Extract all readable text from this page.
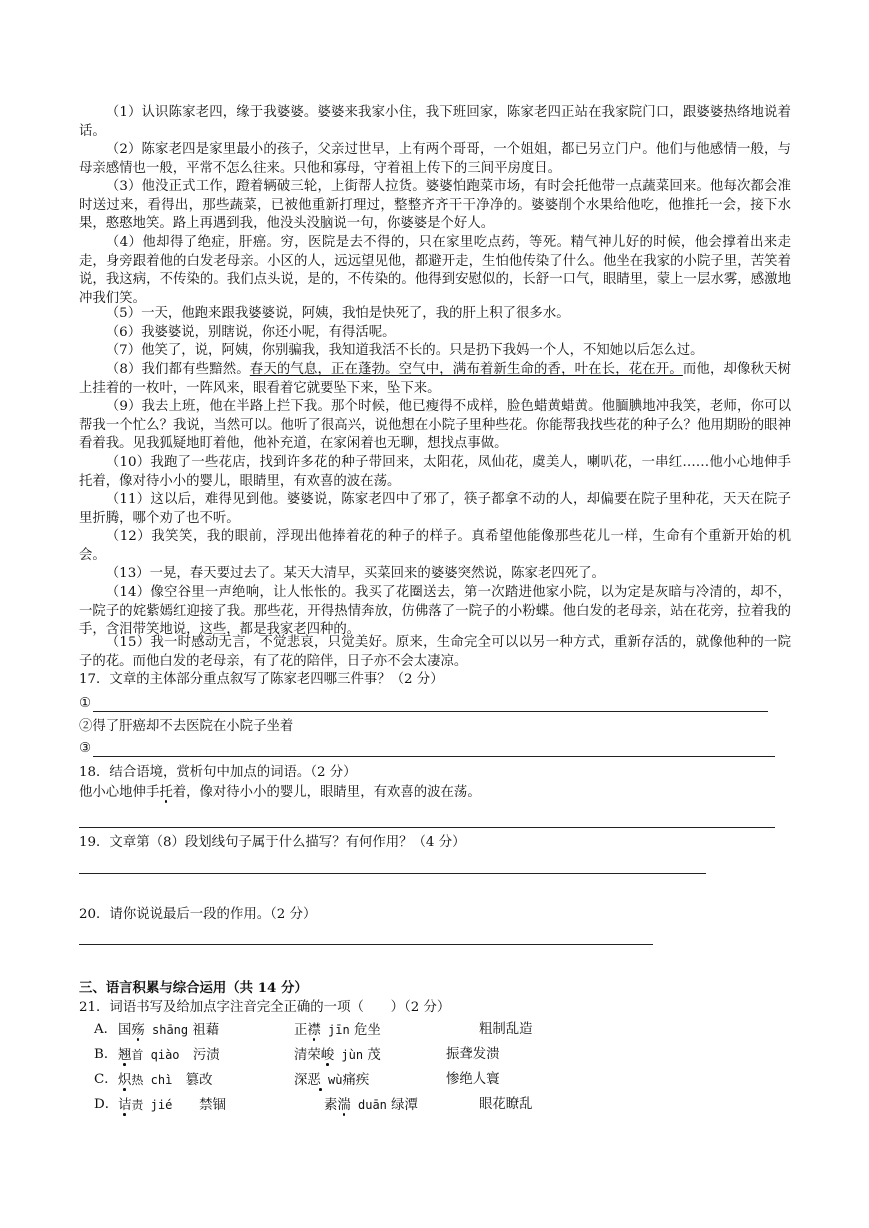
（1）认识陈家老四，缘于我婆婆。婆婆来我家小住，我下班回家，陈家老四正站在我家院门口，跟婆婆热络地说着话。

（2）陈家老四是家里最小的孩子，父亲过世早，上有两个哥哥，一个姐姐，都已另立门户。他们与他感情一般，与母亲感情也一般，平常不怎么往来。只他和寡母，守着祖上传下的三间平房度日。

（3）他没正式工作，蹬着辆破三轮，上街帮人拉货。婆婆怕跑菜市场，有时会托他带一点蔬菜回来。他每次都会准时送过来，看得出，那些蔬菜，已被他重新打理过，整整齐齐干干净净的。婆婆削个水果给他吃，他推托一会，接下水果，憨憨地笑。路上再遇到我，他没头没脑说一句，你婆婆是个好人。

（4）他却得了绝症，肝癌。穷，医院是去不得的，只在家里吃点药，等死。精气神儿好的时候，他会撑着出来走走，身旁跟着他的白发老母亲。小区的人，远远望见他，都避开走，生怕他传染了什么。他坐在我家的小院子里，苦笑着说，我这病，不传染的。我们点头说，是的，不传染的。他得到安慰似的，长舒一口气，眼睛里，蒙上一层水雾，感激地冲我们笑。

（5）一天，他跑来跟我婆婆说，阿姨，我怕是快死了，我的肝上积了很多水。

（6）我婆婆说，别瞎说，你还小呢，有得活呢。

（7）他笑了，说，阿姨，你别骗我，我知道我活不长的。只是扔下我妈一个人，不知她以后怎么过。

（8）我们都有些黯然。春天的气息，正在蓬勃。空气中，满布着新生命的香，叶在长，花在开。而他，却像秋天树上挂着的一枚叶，一阵风来，眼看着它就要坠下来，坠下来。

（9）我去上班，他在半路上拦下我。那个时候，他已瘦得不成样，脸色蜡黄蜡黄。他腼腆地冲我笑，老师，你可以帮我一个忙么？我说，当然可以。他听了很高兴，说他想在小院子里种些花。你能帮我找些花的种子么？他用期盼的眼神看着我。见我狐疑地盯着他，他补充道，在家闲着也无聊，想找点事做。

（10）我跑了一些花店，找到许多花的种子带回来，太阳花，凤仙花，虞美人，喇叭花，一串红……他小心地伸手托着，像对待小小的婴儿，眼睛里，有欢喜的波在荡。

（11）这以后，难得见到他。婆婆说，陈家老四中了邪了，筷子都拿不动的人，却偏要在院子里种花，天天在院子里折腾，哪个劝了也不听。

（12）我笑笑，我的眼前，浮现出他捧着花的种子的样子。真希望他能像那些花儿一样，生命有个重新开始的机会。

（13）一晃，春天要过去了。某天大清早，买菜回来的婆婆突然说，陈家老四死了。

（14）像空谷里一声绝响，让人怅怅的。我买了花圈送去，第一次踏进他家小院，以为定是灰暗与冷清的，却不，一院子的姹紫嫣红迎接了我。那些花，开得热情奔放，仿佛落了一院子的小粉蝶。他白发的老母亲，站在花旁，拉着我的手，含泪带笑地说，这些，都是我家老四种的。

（15）我一时感动无言，不觉悲哀，只觉美好。原来，生命完全可以以另一种方式，重新存活的，就像他种的一院子的花。而他白发的老母亲，有了花的陪伴，日子亦不会太凄凉。

17．文章的主体部分重点叙写了陈家老四哪三件事？（2 分）
①
②得了肝癌却不去医院在小院子坐着
③
18．结合语境，赏析句中加点的词语。（2 分）
他小心地伸手托着，像对待小小的婴儿，眼睛里，有欢喜的波在荡。
19．文章第（8）段划线句子属于什么描写？有何作用？（4 分）
20．请你说说最后一段的作用。（2 分）
三、语言积累与综合运用（共 14 分）
21．词语书写及给加点字注音完全正确的一项（　　）（2 分）
A． 国殇 shāng 祖藉	正襟 jīn 危坐	粗制乱造
B． 翘首 qiào　污渍	清荣峻 jùn 茂	振聋发溃
C． 炽热 chì　篡改	深恶 wù痛疾	惨绝人寰
D． 诘责 jié　　禁锢	素湍 duān 绿潭	眼花瞭乱
